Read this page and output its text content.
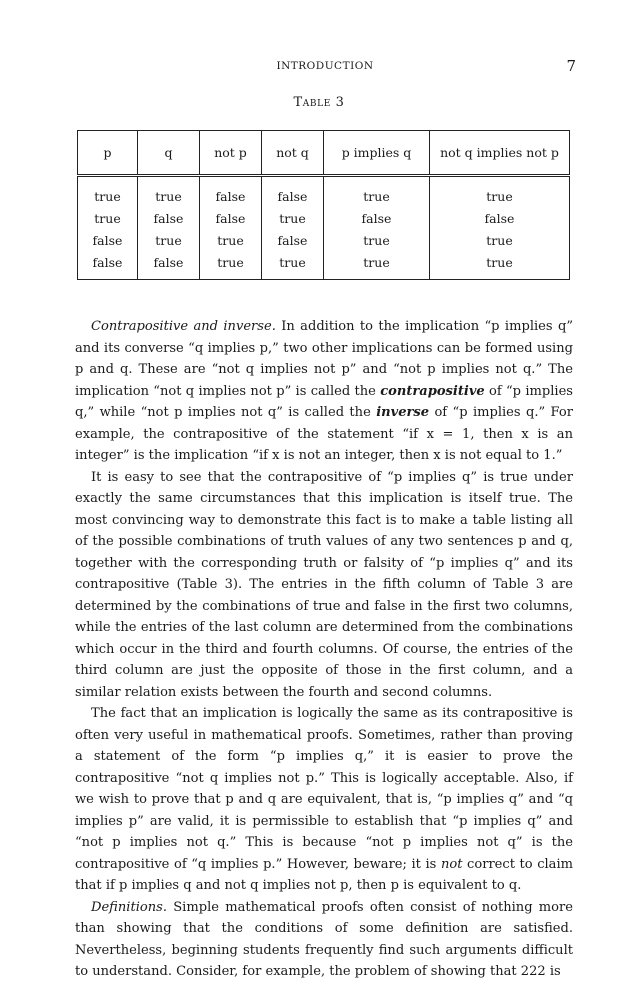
INTRODUCTION	7
Table 3
p	q	not p	not q	p implies q	not q implies not p
true	true	false	false	true	true
true	false	false	true	false	false
false	true	true	false	true	true
false	false	true	true	true	true

Contrapositive and inverse. In addition to the implication “p implies q” and its converse “q implies p,” two other implications can be formed using p and q. These are “not q implies not p” and “not p implies not q.” The implication “not q implies not p” is called the contrapositive of “p implies q,” while “not p implies not q” is called the inverse of “p implies q.” For example, the contrapositive of the statement “if x = 1, then x is an integer” is the implication “if x is not an integer, then x is not equal to 1.”

It is easy to see that the contrapositive of “p implies q” is true under exactly the same circumstances that this implication is itself true. The most convincing way to demonstrate this fact is to make a table listing all of the possible combinations of truth values of any two sentences p and q, together with the corresponding truth or falsity of “p implies q” and its contrapositive (Table 3). The entries in the fifth column of Table 3 are determined by the combinations of true and false in the first two columns, while the entries of the last column are determined from the combinations which occur in the third and fourth columns. Of course, the entries of the third column are just the opposite of those in the first column, and a similar relation exists between the fourth and second columns.

The fact that an implication is logically the same as its contrapositive is often very useful in mathematical proofs. Sometimes, rather than proving a statement of the form “p implies q,” it is easier to prove the contrapositive “not q implies not p.” This is logically acceptable. Also, if we wish to prove that p and q are equivalent, that is, “p implies q” and “q implies p” are valid, it is permissible to establish that “p implies q” and “not p implies not q.” This is because “not p implies not q” is the contrapositive of “q implies p.” However, beware; it is not correct to claim that if p implies q and not q implies not p, then p is equivalent to q.

Definitions. Simple mathematical proofs often consist of nothing more than showing that the conditions of some definition are satisfied. Nevertheless, beginning students frequently find such arguments difficult to understand. Consider, for example, the problem of showing that 222 is
